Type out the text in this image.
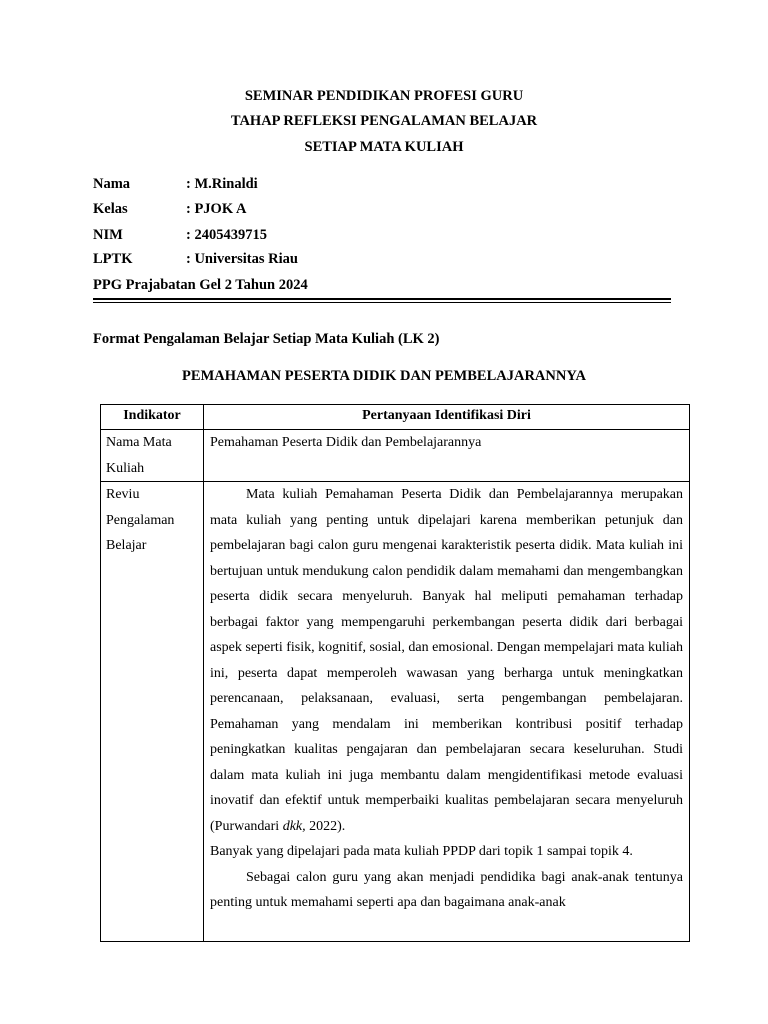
SEMINAR PENDIDIKAN PROFESI GURU
TAHAP REFLEKSI PENGALAMAN BELAJAR
SETIAP MATA KULIAH
Nama	: M.Rinaldi
Kelas	: PJOK A
NIM	: 2405439715
LPTK	: Universitas Riau
PPG Prajabatan Gel 2 Tahun 2024
Format Pengalaman Belajar Setiap Mata Kuliah (LK 2)
PEMAHAMAN PESERTA DIDIK DAN PEMBELAJARANNYA
Indikator	Pertanyaan Identifikasi Diri
Nama Mata Kuliah	Pemahaman Peserta Didik dan Pembelajarannya
Reviu Pengalaman Belajar	Mata kuliah Pemahaman Peserta Didik dan Pembelajarannya merupakan mata kuliah yang penting untuk dipelajari karena memberikan petunjuk dan pembelajaran bagi calon guru mengenai karakteristik peserta didik. Mata kuliah ini bertujuan untuk mendukung calon pendidik dalam memahami dan mengembangkan peserta didik secara menyeluruh. Banyak hal meliputi pemahaman terhadap berbagai faktor yang mempengaruhi perkembangan peserta didik dari berbagai aspek seperti fisik, kognitif, sosial, dan emosional. Dengan mempelajari mata kuliah ini, peserta dapat memperoleh wawasan yang berharga untuk meningkatkan perencanaan, pelaksanaan, evaluasi, serta pengembangan pembelajaran. Pemahaman yang mendalam ini memberikan kontribusi positif terhadap peningkatkan kualitas pengajaran dan pembelajaran secara keseluruhan. Studi dalam mata kuliah ini juga membantu dalam mengidentifikasi metode evaluasi inovatif dan efektif untuk memperbaiki kualitas pembelajaran secara menyeluruh (Purwandari dkk, 2022).
Banyak yang dipelajari pada mata kuliah PPDP dari topik 1 sampai topik 4.
Sebagai calon guru yang akan menjadi pendidika bagi anak-anak tentunya penting untuk memahami seperti apa dan bagaimana anak-anak
